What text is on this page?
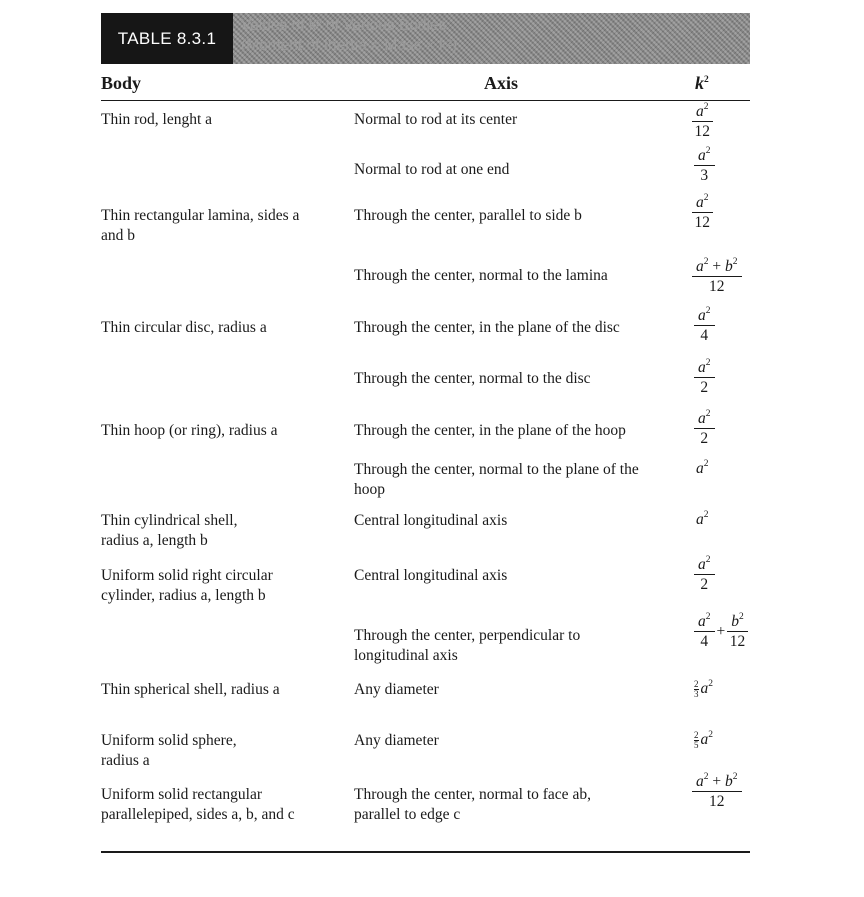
TABLE 8.3.1
Values of k² of Various Bodies
(Moment of Inertia = Mass × k²)
Body	Axis	$k^2$
Thin rod, lenght a
Thin rectangular lamina, sides a and b
Thin circular disc, radius a
Thin hoop (or ring), radius a
Thin cylindrical shell, radius a, length b
Uniform solid right circular cylinder, radius a, length b
Thin spherical shell, radius a
Uniform solid sphere, radius a
Uniform solid rectangular parallelepiped, sides a, b, and c
Normal to rod at its center
Normal to rod at one end
Through the center, parallel to side b
Through the center, normal to the lamina
Through the center, in the plane of the disc
Through the center, normal to the disc
Through the center, in the plane of the hoop
Through the center, normal to the plane of the hoop
Central longitudinal axis
Central longitudinal axis
Through the center, perpendicular to longitudinal axis
Any diameter
Any diameter
Through the center, normal to face ab, parallel to edge c
$a^2$
12
$a^2$
3
$a^2$
12
$a^2 + b^2$
12
$a^2$
4
$a^2$
2
$a^2$
2
$a^2$
$a^2$
$a^2$
2
$\frac{a^2}{4} + \frac{b^2}{12}$
$\frac{2}{3} a^2$
$\frac{2}{5} a^2$
$a^2 + b^2$
12
